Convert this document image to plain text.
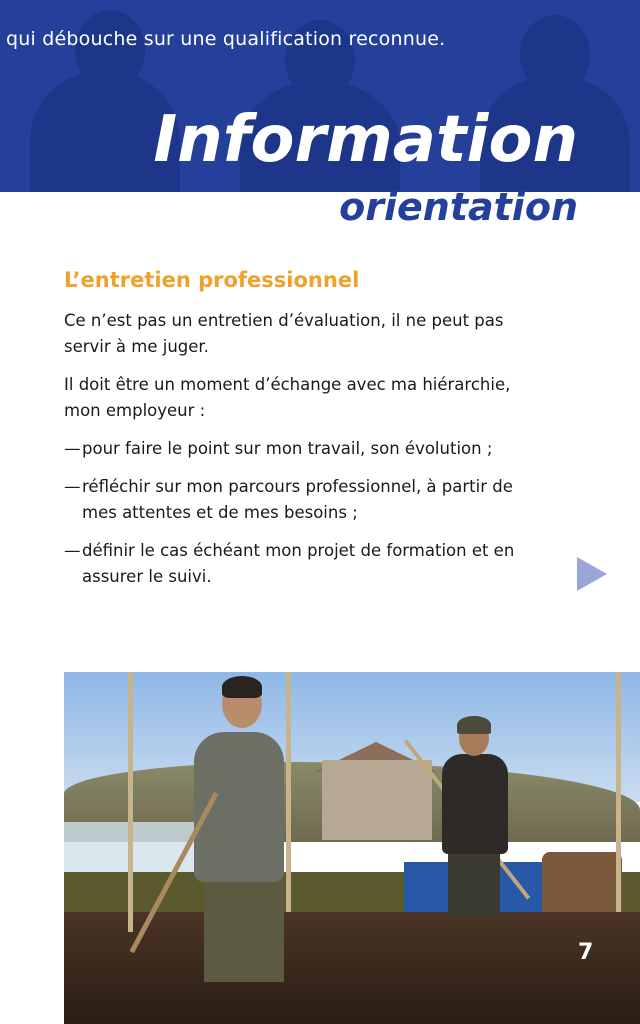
qui débouche sur une qualification reconnue.

Information
orientation
L’entretien professionnel

Ce n’est pas un entretien d’évaluation, il ne peut pas servir à me juger.

Il doit être un moment d’échange avec ma hiérarchie, mon employeur :

— pour faire le point sur mon travail, son évolution ;
— réfléchir sur mon parcours professionnel, à partir de mes attentes et de mes besoins ;
— définir le cas échéant mon projet de formation et en assurer le suivi.

7
